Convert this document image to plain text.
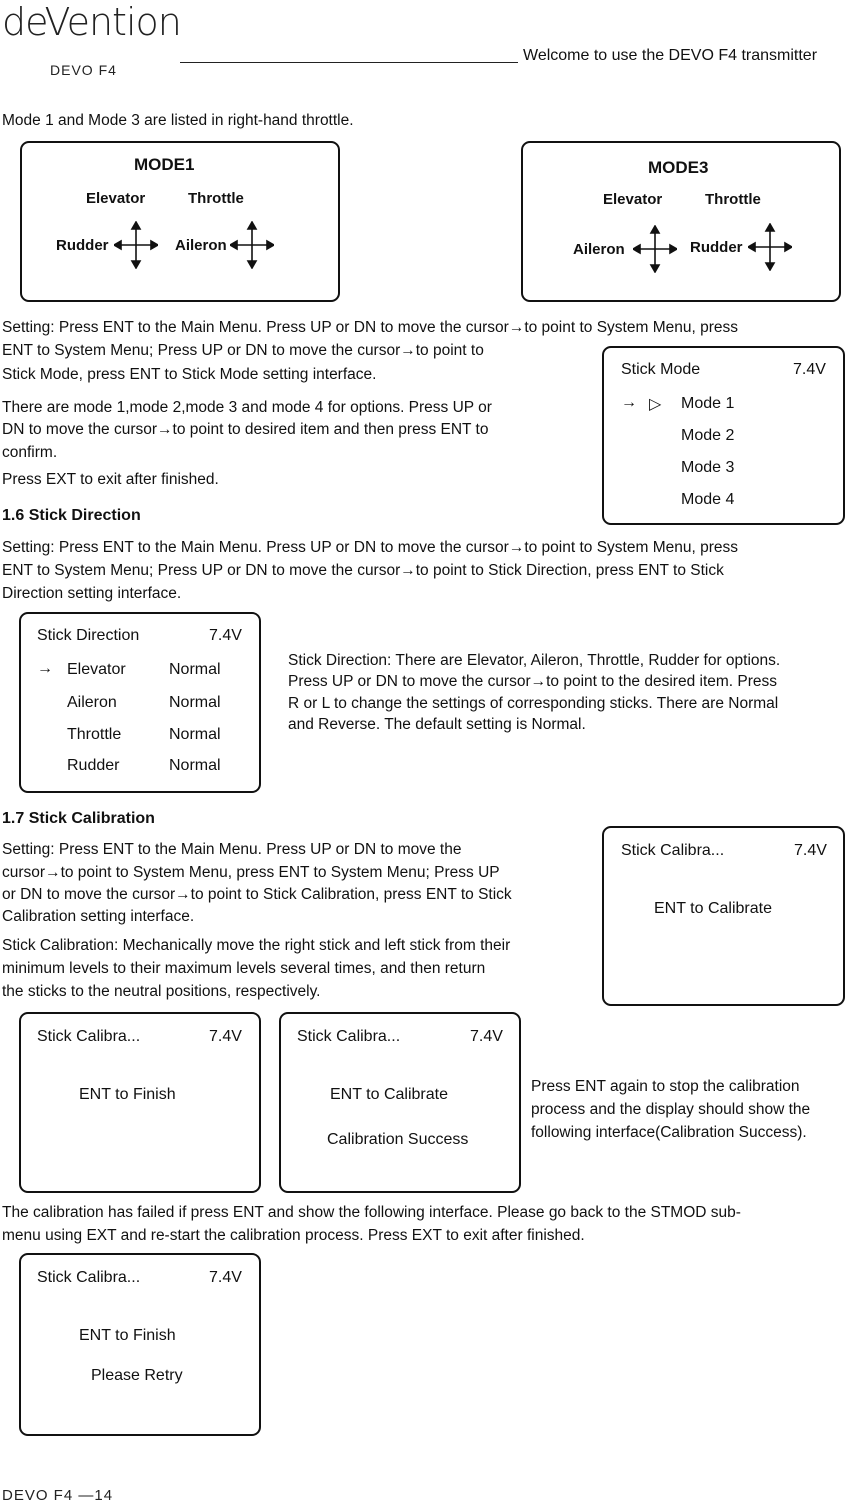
deVention
DEVO F4
Welcome to use the DEVO F4 transmitter
Mode 1 and Mode 3 are listed in right-hand throttle.
MODE1
Elevator	Throttle
Rudder	Aileron
MODE3
Elevator	Throttle
Aileron	Rudder
Setting: Press ENT to the Main Menu. Press UP or DN to move the cursor→to point to System Menu, press
ENT to System Menu; Press UP or DN to move the cursor→to point to
Stick Mode, press ENT to Stick Mode setting interface.
There are mode 1,mode 2,mode 3 and mode 4 for options. Press UP or
DN to move the cursor→to point to desired item and then press ENT to
confirm.
Press EXT to exit after finished.
Stick Mode	7.4V
→ ▷ Mode 1
Mode 2
Mode 3
Mode 4
1.6 Stick Direction
Setting: Press ENT to the Main Menu. Press UP or DN to move the cursor→to point to System Menu, press
ENT to System Menu; Press UP or DN to move the cursor→to point to Stick Direction, press ENT to Stick
Direction setting interface.
Stick Direction	7.4V
→ Elevator	Normal
Aileron	Normal
Throttle	Normal
Rudder	Normal
Stick Direction: There are Elevator, Aileron, Throttle, Rudder for options.
Press UP or DN to move the cursor→to point to the desired item. Press
R or L to change the settings of corresponding sticks. There are Normal
and Reverse. The default setting is Normal.
1.7 Stick Calibration
Setting: Press ENT to the Main Menu. Press UP or DN to move the
cursor→to point to System Menu, press ENT to System Menu; Press UP
or DN to move the cursor→to point to Stick Calibration, press ENT to Stick
Calibration setting interface.
Stick Calibration: Mechanically move the right stick and left stick from their
minimum levels to their maximum levels several times, and then return
the sticks to the neutral positions, respectively.
Stick Calibra...	7.4V
ENT to Calibrate
Stick Calibra...	7.4V
ENT to Finish
Stick Calibra...	7.4V
ENT to Calibrate
Calibration Success
Press ENT again to stop the calibration
process and the display should show the
following interface(Calibration Success).
The calibration has failed if press ENT and show the following interface. Please go back to the STMOD sub-
menu using EXT and re-start the calibration process. Press EXT to exit after finished.
Stick Calibra...	7.4V
ENT to Finish
Please Retry
DEVO F4 —14
